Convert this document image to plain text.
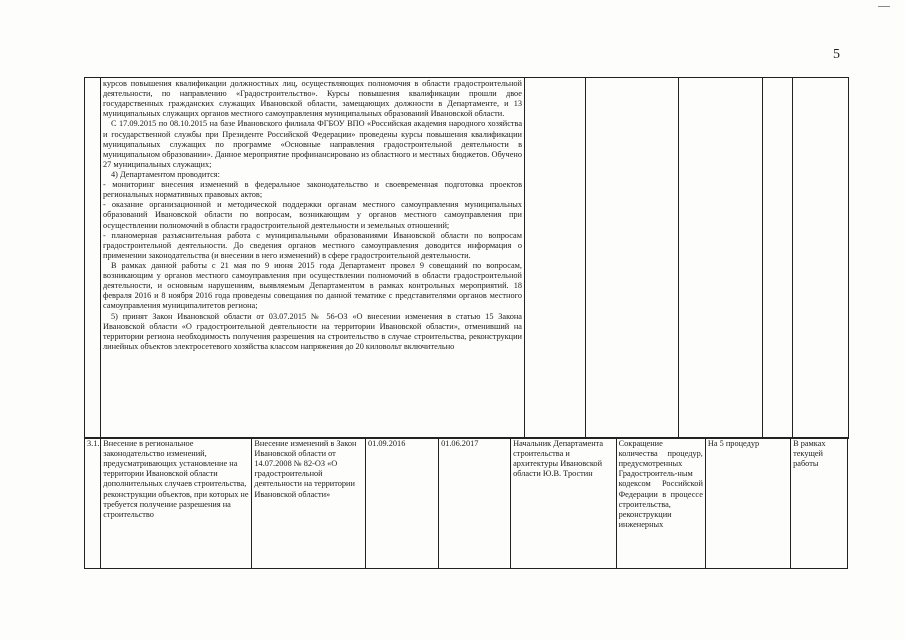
5

курсов повышения квалификации должностных лиц, осуществляющих полномочия в области градостроительной деятельности, по направлению «Градостроительство». Курсы повышения квалификации прошли двое государственных гражданских служащих Ивановской области, замещающих должности в Департаменте, и 13 муниципальных служащих органов местного самоуправления муниципальных образований Ивановской области.

С 17.09.2015 по 08.10.2015 на базе Ивановского филиала ФГБОУ ВПО «Российская академия народного хозяйства и государственной службы при Президенте Российской Федерации» проведены курсы повышения квалификации муниципальных служащих по программе «Основные направления градостроительной деятельности в муниципальном образовании». Данное мероприятие профинансировано из областного и местных бюджетов. Обучено 27 муниципальных служащих;

4) Департаментом проводится:

- мониторинг внесения изменений в федеральное законодательство и своевременная подготовка проектов региональных нормативных правовых актов;

- оказание организационной и методической поддержки органам местного самоуправления муниципальных образований Ивановской области по вопросам, возникающим у органов местного самоуправления при осуществлении полномочий в области градостроительной деятельности и земельных отношений;

- планомерная разъяснительная работа с муниципальными образованиями Ивановской области по вопросам градостроительной деятельности. До сведения органов местного самоуправления доводится информация о применении законодательства (и внесении в него изменений) в сфере градостроительной деятельности.

В рамках данной работы с 21 мая по 9 июня 2015 года Департамент провел 9 совещаний по вопросам, возникающим у органов местного самоуправления при осуществлении полномочий в области градостроительной деятельности, и основным нарушениям, выявляемым Департаментом в рамках контрольных мероприятий. 18 февраля 2016 и 8 ноября 2016 года проведены совещания по данной тематике с представителями органов местного самоуправления муниципалитетов региона;

5) принят Закон Ивановской области от 03.07.2015 № 56-ОЗ «О внесении изменения в статью 15 Закона Ивановской области «О градостроительной деятельности на территории Ивановской области», отменивший на территории региона необходимость получения разрешения на строительство в случае строительства, реконструкции линейных объектов электросетевого хозяйства классом напряжения до 20 киловольт включительно

3.1.	Внесение в региональное законодательство изменений, предусматривающих установление на территории Ивановской области дополнительных случаев строительства, реконструкции объектов, при которых не требуется получение разрешения на строительство	Внесение изменений в Закон Ивановской области от 14.07.2008 № 82-ОЗ «О градостроительной деятельности на территории Ивановской области»	01.09.2016	01.06.2017	Начальник Департамента строительства и архитектуры Ивановской области Ю.В. Тростин	Сокращение количества процедур, предусмотренных Градостроитель-ным кодексом Российской Федерации в процессе строительства, реконструкции инженерных	На 5 процедур	В рамках текущей работы
